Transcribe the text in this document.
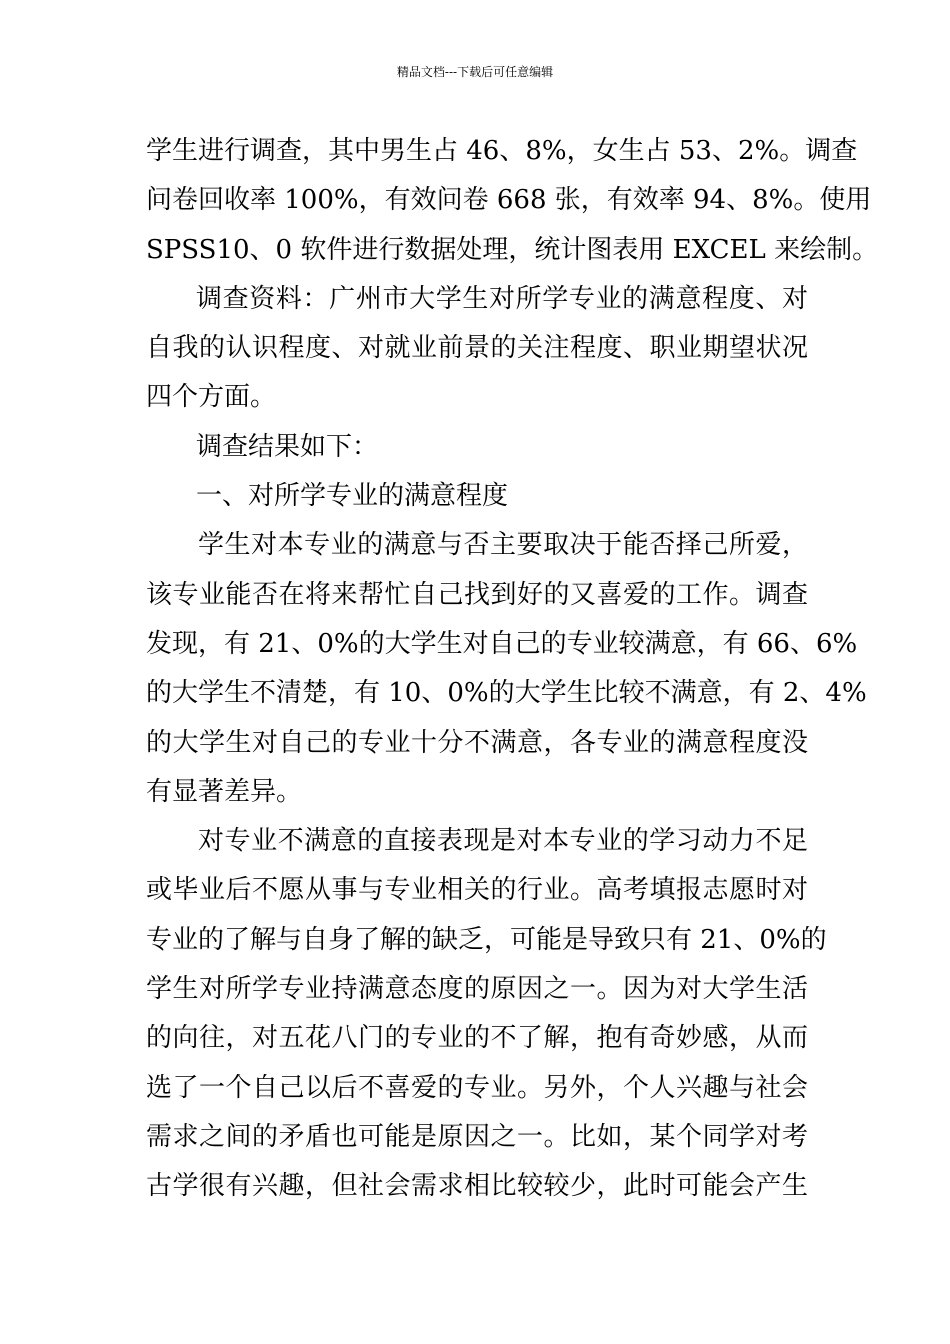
精品文档---下载后可任意编辑
学生进行调查，其中男生占 46、8%，女生占 53、2%。调查
问卷回收率 100%，有效问卷 668 张，有效率 94、8%。使用
SPSS10、0 软件进行数据处理，统计图表用 EXCEL 来绘制。
调查资料：广州市大学生对所学专业的满意程度、对
自我的认识程度、对就业前景的关注程度、职业期望状况
四个方面。
调查结果如下：
一、对所学专业的满意程度
学生对本专业的满意与否主要取决于能否择己所爱，
该专业能否在将来帮忙自己找到好的又喜爱的工作。调查
发现，有 21、0%的大学生对自己的专业较满意，有 66、6%
的大学生不清楚，有 10、0%的大学生比较不满意，有 2、4%
的大学生对自己的专业十分不满意，各专业的满意程度没
有显著差异。
对专业不满意的直接表现是对本专业的学习动力不足
或毕业后不愿从事与专业相关的行业。高考填报志愿时对
专业的了解与自身了解的缺乏，可能是导致只有 21、0%的
学生对所学专业持满意态度的原因之一。因为对大学生活
的向往，对五花八门的专业的不了解，抱有奇妙感，从而
选了一个自己以后不喜爱的专业。另外，个人兴趣与社会
需求之间的矛盾也可能是原因之一。比如，某个同学对考
古学很有兴趣，但社会需求相比较较少，此时可能会产生
